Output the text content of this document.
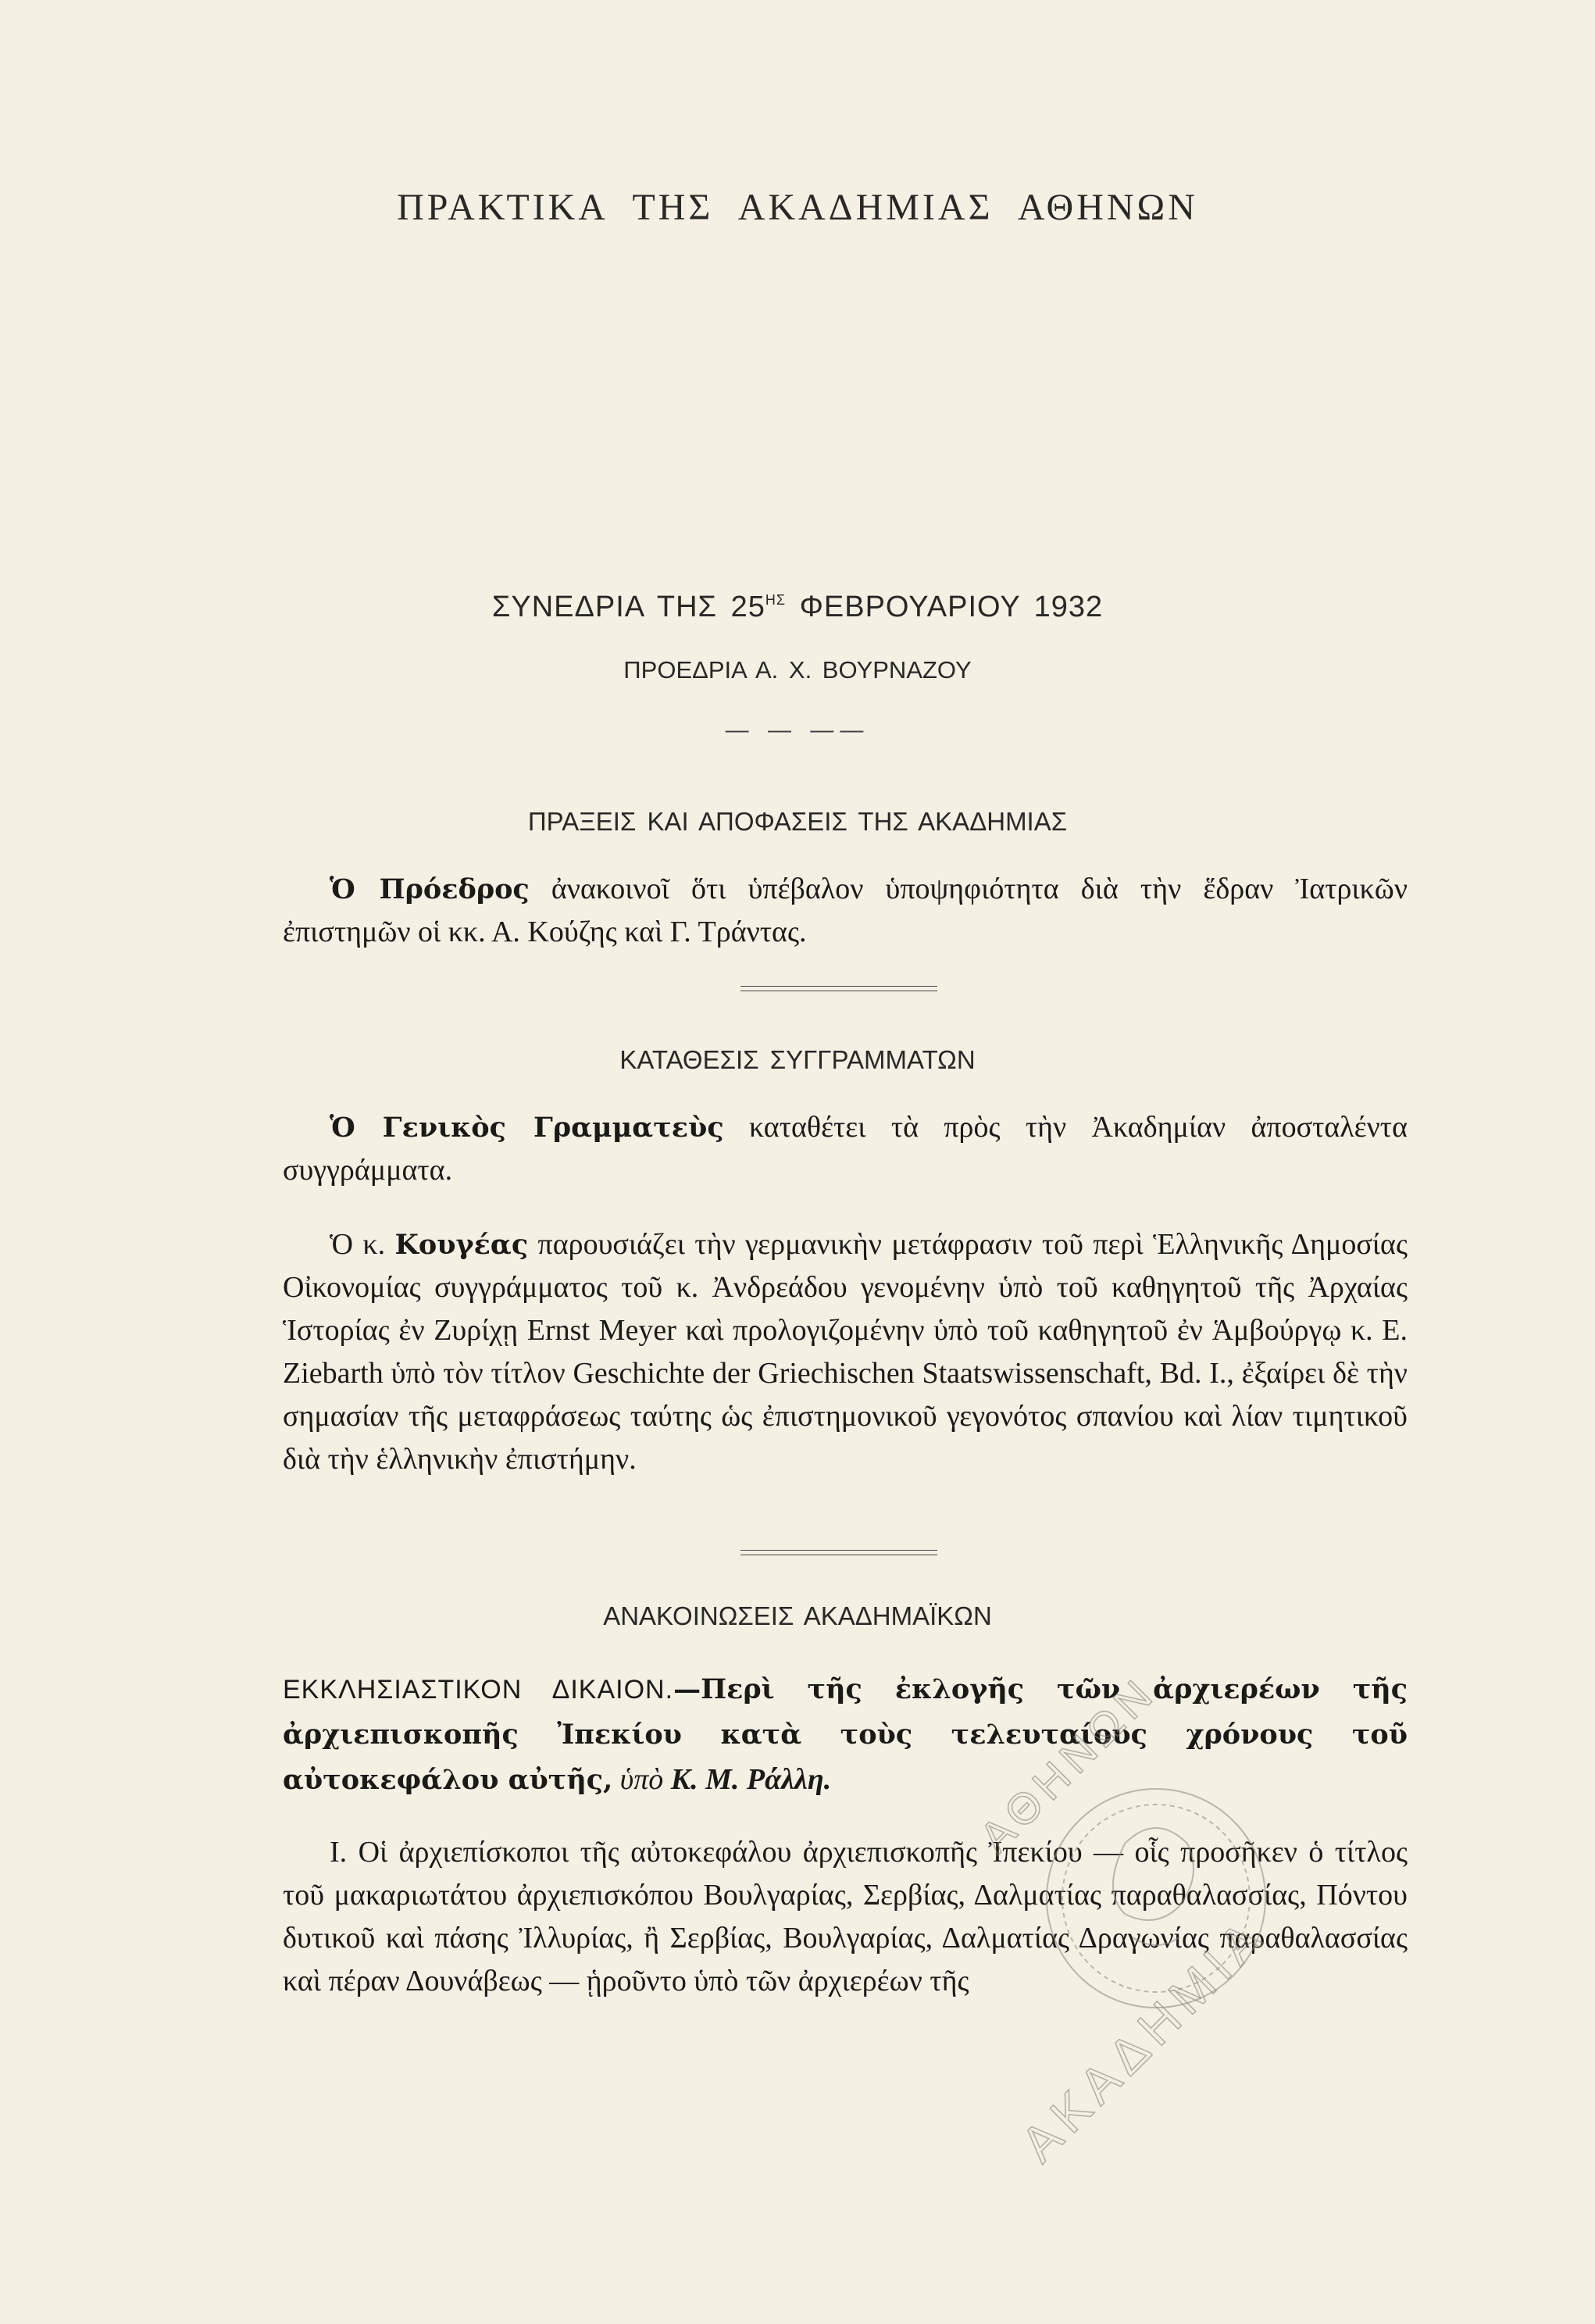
ΠΡΑΚΤΙΚΑ ΤΗΣ ΑΚΑΔΗΜΙΑΣ ΑΘΗΝΩΝ
ΣΥΝΕΔΡΙΑ ΤΗΣ $25^{H\Sigma}$ ΦΕΒΡΟΥΑΡΙΟΥ 1932
ΠΡΟΕΔΡΙΑ Α. Χ. ΒΟΥΡΝΑΖΟΥ
— — ——
ΠΡΑΞΕΙΣ ΚΑΙ ΑΠΟΦΑΣΕΙΣ ΤΗΣ ΑΚΑΔΗΜΙΑΣ
Ὁ Πρόεδρος ἀνακοινοῖ ὅτι ὑπέβαλον ὑποψηφιότητα διὰ τὴν ἕδραν Ἰατρικῶν ἐπιστημῶν οἱ κκ. Α. Κούζης καὶ Γ. Τράντας.
ΚΑΤΑΘΕΣΙΣ ΣΥΓΓΡΑΜΜΑΤΩΝ
Ὁ Γενικὸς Γραμματεὺς καταθέτει τὰ πρὸς τὴν Ἀκαδημίαν ἀποσταλέντα συγγράμματα.
Ὁ κ. Κουγέας παρουσιάζει τὴν γερμανικὴν μετάφρασιν τοῦ περὶ Ἑλληνικῆς Δημοσίας Οἰκονομίας συγγράμματος τοῦ κ. Ἀνδρεάδου γενομένην ὑπὸ τοῦ καθηγητοῦ τῆς Ἀρχαίας Ἱστορίας ἐν Ζυρίχῃ Ernst Meyer καὶ προλογιζομένην ὑπὸ τοῦ καθηγητοῦ ἐν Ἁμβούργῳ κ. E. Ziebarth ὑπὸ τὸν τίτλον Geschichte der Griechischen Staatswissenschaft, Bd. I., ἐξαίρει δὲ τὴν σημασίαν τῆς μεταφράσεως ταύτης ὡς ἐπιστημονικοῦ γεγονότος σπανίου καὶ λίαν τιμητικοῦ διὰ τὴν ἑλληνικὴν ἐπιστήμην.
ΑΝΑΚΟΙΝΩΣΕΙΣ ΑΚΑΔΗΜΑΪΚΩΝ
ΕΚΚΛΗΣΙΑΣΤΙΚΟΝ ΔΙΚΑΙΟΝ.—Περὶ τῆς ἐκλογῆς τῶν ἀρχιερέων τῆς ἀρχιεπισκοπῆς Ἰπεκίου κατὰ τοὺς τελευταίους χρόνους τοῦ αὐτοκεφάλου αὐτῆς, ὑπὸ Κ. Μ. Ράλλη.
Ι. Οἱ ἀρχιεπίσκοποι τῆς αὐτοκεφάλου ἀρχιεπισκοπῆς Ἰπεκίου — οἷς προσῆκεν ὁ τίτλος τοῦ μακαριωτάτου ἀρχιεπισκόπου Βουλγαρίας, Σερβίας, Δαλματίας παραθαλασσίας, Πόντου δυτικοῦ καὶ πάσης Ἰλλυρίας, ἢ Σερβίας, Βουλγαρίας, Δαλματίας Δραγωνίας παραθαλασσίας καὶ πέραν Δουνάβεως — ᾑροῦντο ὑπὸ τῶν ἀρχιερέων τῆς ΑΚΑΔΗΜΙΑ
ΑΘΗΝΩΝ
